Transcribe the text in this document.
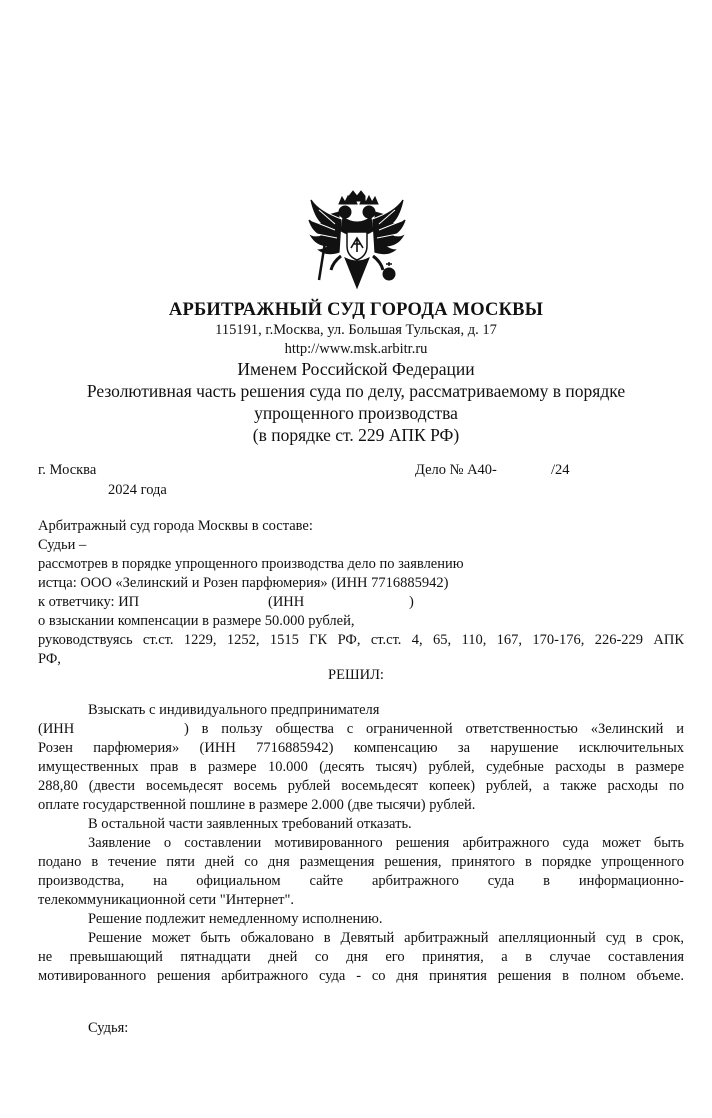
АРБИТРАЖНЫЙ СУД ГОРОДА МОСКВЫ
115191, г.Москва, ул. Большая Тульская, д. 17
http://www.msk.arbitr.ru
Именем Российской Федерации
Резолютивная часть решения суда по делу, рассматриваемому в порядке
упрощенного производства
(в порядке ст. 229 АПК РФ)
г. Москва	Дело № А40-	/24
2024 года
Арбитражный суд города Москвы в составе:
Судьи –
рассмотрев в порядке упрощенного производства дело по заявлению
истца: ООО «Зелинский и Розен парфюмерия» (ИНН 7716885942)
к ответчику: ИП	(ИНН	)
о взыскании компенсации в размере 50.000 рублей,
руководствуясь ст.ст. 1229, 1252, 1515 ГК РФ, ст.ст. 4, 65, 110, 167, 170-176, 226-229 АПК
РФ,
РЕШИЛ:
Взыскать с индивидуального предпринимателя
(ИНН	) в пользу общества с ограниченной ответственностью «Зелинский и
Розен парфюмерия» (ИНН 7716885942) компенсацию за нарушение исключительных
имущественных прав в размере 10.000 (десять тысяч) рублей, судебные расходы в размере
288,80 (двести восемьдесят восемь рублей восемьдесят копеек) рублей, а также расходы по
оплате государственной пошлине в размере 2.000 (две тысячи) рублей.
В остальной части заявленных требований отказать.
Заявление о составлении мотивированного решения арбитражного суда может быть
подано в течение пяти дней со дня размещения решения, принятого в порядке упрощенного
производства, на официальном сайте арбитражного суда в информационно-
телекоммуникационной сети "Интернет".
Решение подлежит немедленному исполнению.
Решение может быть обжаловано в Девятый арбитражный апелляционный суд в срок,
не превышающий пятнадцати дней со дня его принятия, а в случае составления
мотивированного решения арбитражного суда - со дня принятия решения в полном объеме.
Судья:
